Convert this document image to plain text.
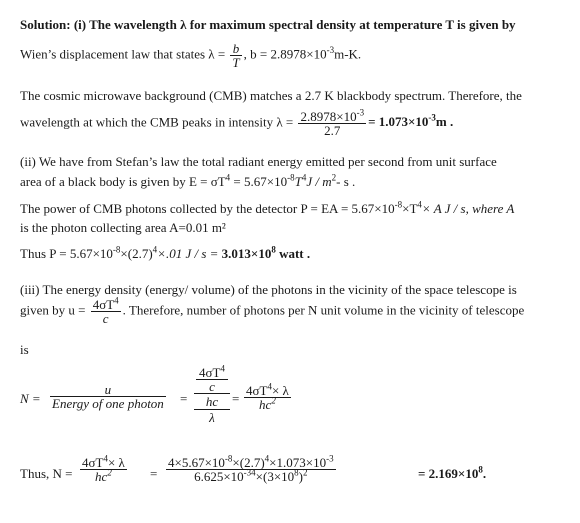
Solution: (i) The wavelength λ for maximum spectral density at temperature T is given by
Wien’s displacement law that states $\lambda = \frac{b}{T}$ , $b = 2.8978\times 10^{-3}m-K$.
The cosmic microwave background (CMB) matches a 2.7 K blackbody spectrum. Therefore, the
wavelength at which the CMB peaks in intensity $\lambda = \frac{2.8978\times 10^{-3}}{2.7} = 1.073\times 10^{-3}m$ .
(ii) We have from Stefan’s law the total radiant energy emitted per second from unit surface
area of a black body is given by $E = \sigma T^4 = 5.67\times 10^{-8}T^4J / m^2-$ s .
The power of CMB photons collected by the detector P = EA = $5.67\times 10^{-8}\times T^4\times A$ J / s, where A
is the photon collecting area A=0.01 m²
Thus $P = 5.67\times 10^{-8}\times(2.7)^4\times.01$ $J / s = 3.013\times 10^8$ watt .
(iii) The energy density (energy/ volume) of the photons in the vicinity of the space telescope is
given by $u = \frac{4\sigma T^4}{c}$ . Therefore, number of photons per N unit volume in the vicinity of telescope
is
N =
u
Energy of one photon = $4\sigma T^4$
c
hc
$\lambda = \frac{4\sigma T^4\times \lambda}{hc^2}$
Thus, $N = \frac{4\sigma T^4\times \lambda}{hc^2} = \frac{4\times 5.67\times 10^{-8}\times(2.7)^4\times 1.073\times 10^{-3}}{6.625\times 10^{-34}\times(3\times 10^8)^2}$	= $2.169\times 10^8$.
